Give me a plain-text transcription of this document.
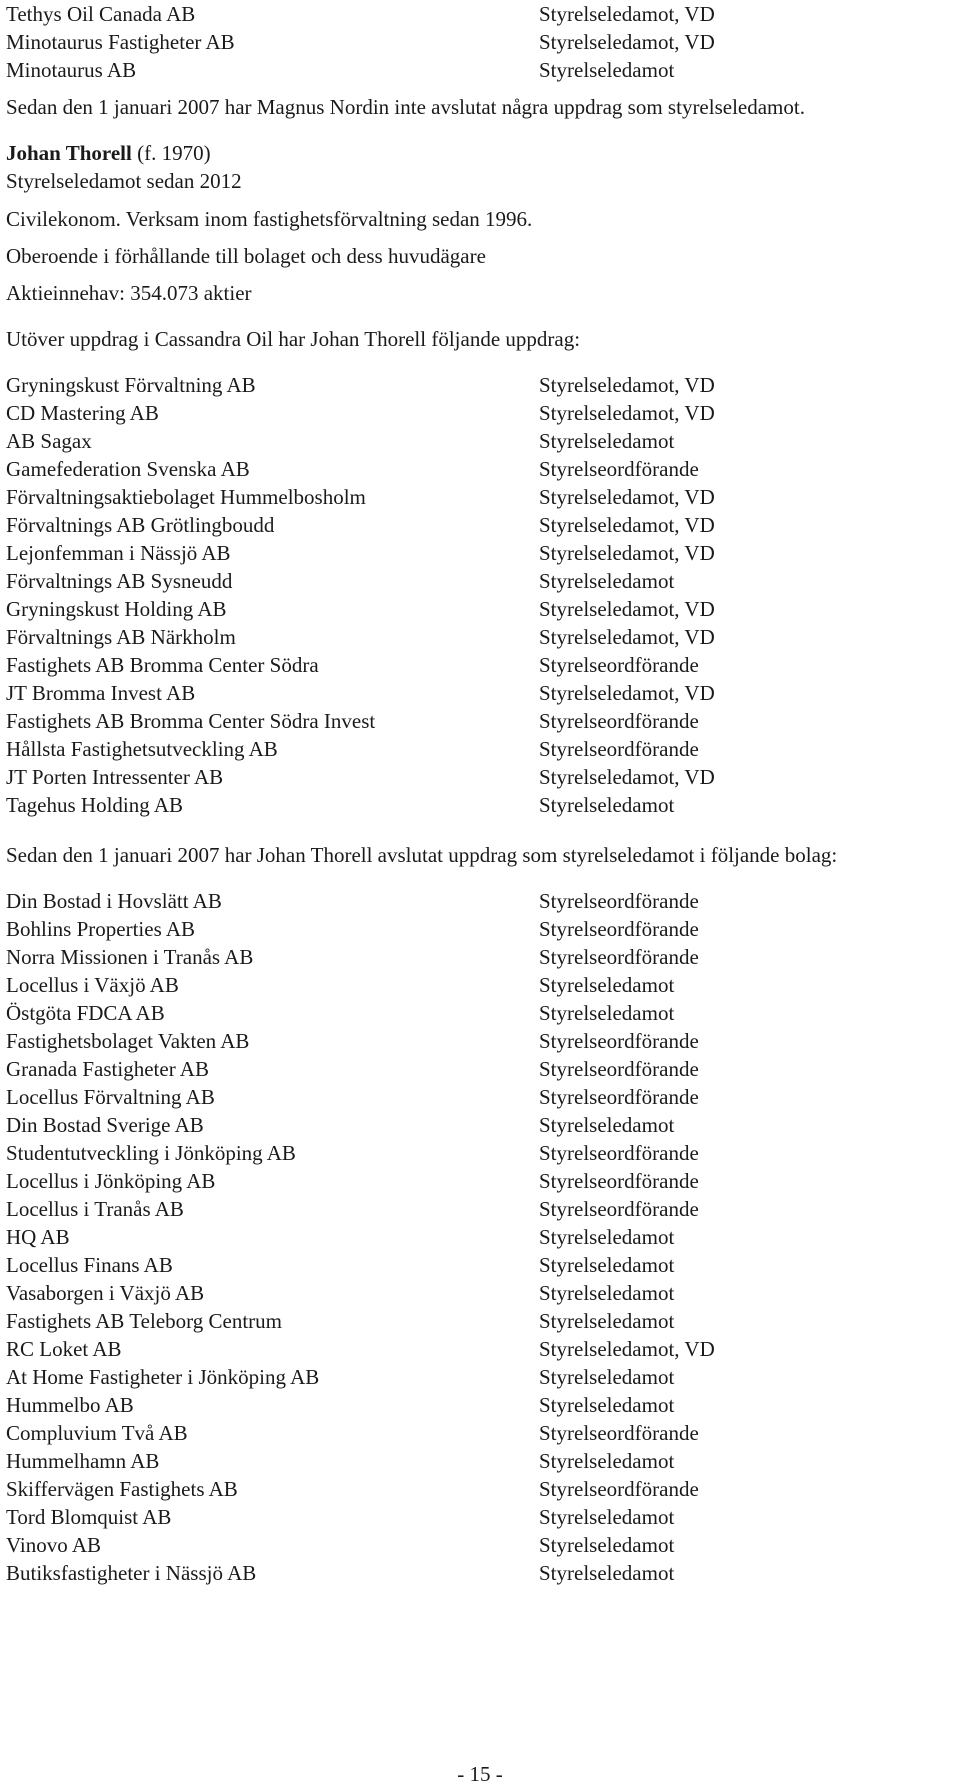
Tethys Oil Canada AB	Styrelseledamot, VD
Minotaurus Fastigheter AB	Styrelseledamot, VD
Minotaurus AB	Styrelseledamot

Sedan den 1 januari 2007 har Magnus Nordin inte avslutat några uppdrag som styrelseledamot.

Johan Thorell (f. 1970)

Styrelseledamot sedan 2012

Civilekonom. Verksam inom fastighetsförvaltning sedan 1996.

Oberoende i förhållande till bolaget och dess huvudägare

Aktieinnehav: 354.073 aktier

Utöver uppdrag i Cassandra Oil har Johan Thorell följande uppdrag:

Gryningskust Förvaltning AB	Styrelseledamot, VD
CD Mastering AB	Styrelseledamot, VD
AB Sagax	Styrelseledamot
Gamefederation Svenska AB	Styrelseordförande
Förvaltningsaktiebolaget Hummelbosholm	Styrelseledamot, VD
Förvaltnings AB Grötlingboudd	Styrelseledamot, VD
Lejonfemman i Nässjö AB	Styrelseledamot, VD
Förvaltnings AB Sysneudd	Styrelseledamot
Gryningskust Holding AB	Styrelseledamot, VD
Förvaltnings AB Närkholm	Styrelseledamot, VD
Fastighets AB Bromma Center Södra	Styrelseordförande
JT Bromma Invest AB	Styrelseledamot, VD
Fastighets AB Bromma Center Södra Invest	Styrelseordförande
Hållsta Fastighetsutveckling AB	Styrelseordförande
JT Porten Intressenter AB	Styrelseledamot, VD
Tagehus Holding AB	Styrelseledamot

Sedan den 1 januari 2007 har Johan Thorell avslutat uppdrag som styrelseledamot i följande bolag:

Din Bostad i Hovslätt AB	Styrelseordförande
Bohlins Properties AB	Styrelseordförande
Norra Missionen i Tranås AB	Styrelseordförande
Locellus i Växjö AB	Styrelseledamot
Östgöta FDCA AB	Styrelseledamot
Fastighetsbolaget Vakten AB	Styrelseordförande
Granada Fastigheter AB	Styrelseordförande
Locellus Förvaltning AB	Styrelseordförande
Din Bostad Sverige AB	Styrelseledamot
Studentutveckling i Jönköping AB	Styrelseordförande
Locellus i Jönköping AB	Styrelseordförande
Locellus i Tranås AB	Styrelseordförande
HQ AB	Styrelseledamot
Locellus Finans AB	Styrelseledamot
Vasaborgen i Växjö AB	Styrelseledamot
Fastighets AB Teleborg Centrum	Styrelseledamot
RC Loket AB	Styrelseledamot, VD
At Home Fastigheter i Jönköping AB	Styrelseledamot
Hummelbo AB	Styrelseledamot
Compluvium Två AB	Styrelseordförande
Hummelhamn AB	Styrelseledamot
Skiffervägen Fastighets AB	Styrelseordförande
Tord Blomquist AB	Styrelseledamot
Vinovo AB	Styrelseledamot
Butiksfastigheter i Nässjö AB	Styrelseledamot
- 15 -
